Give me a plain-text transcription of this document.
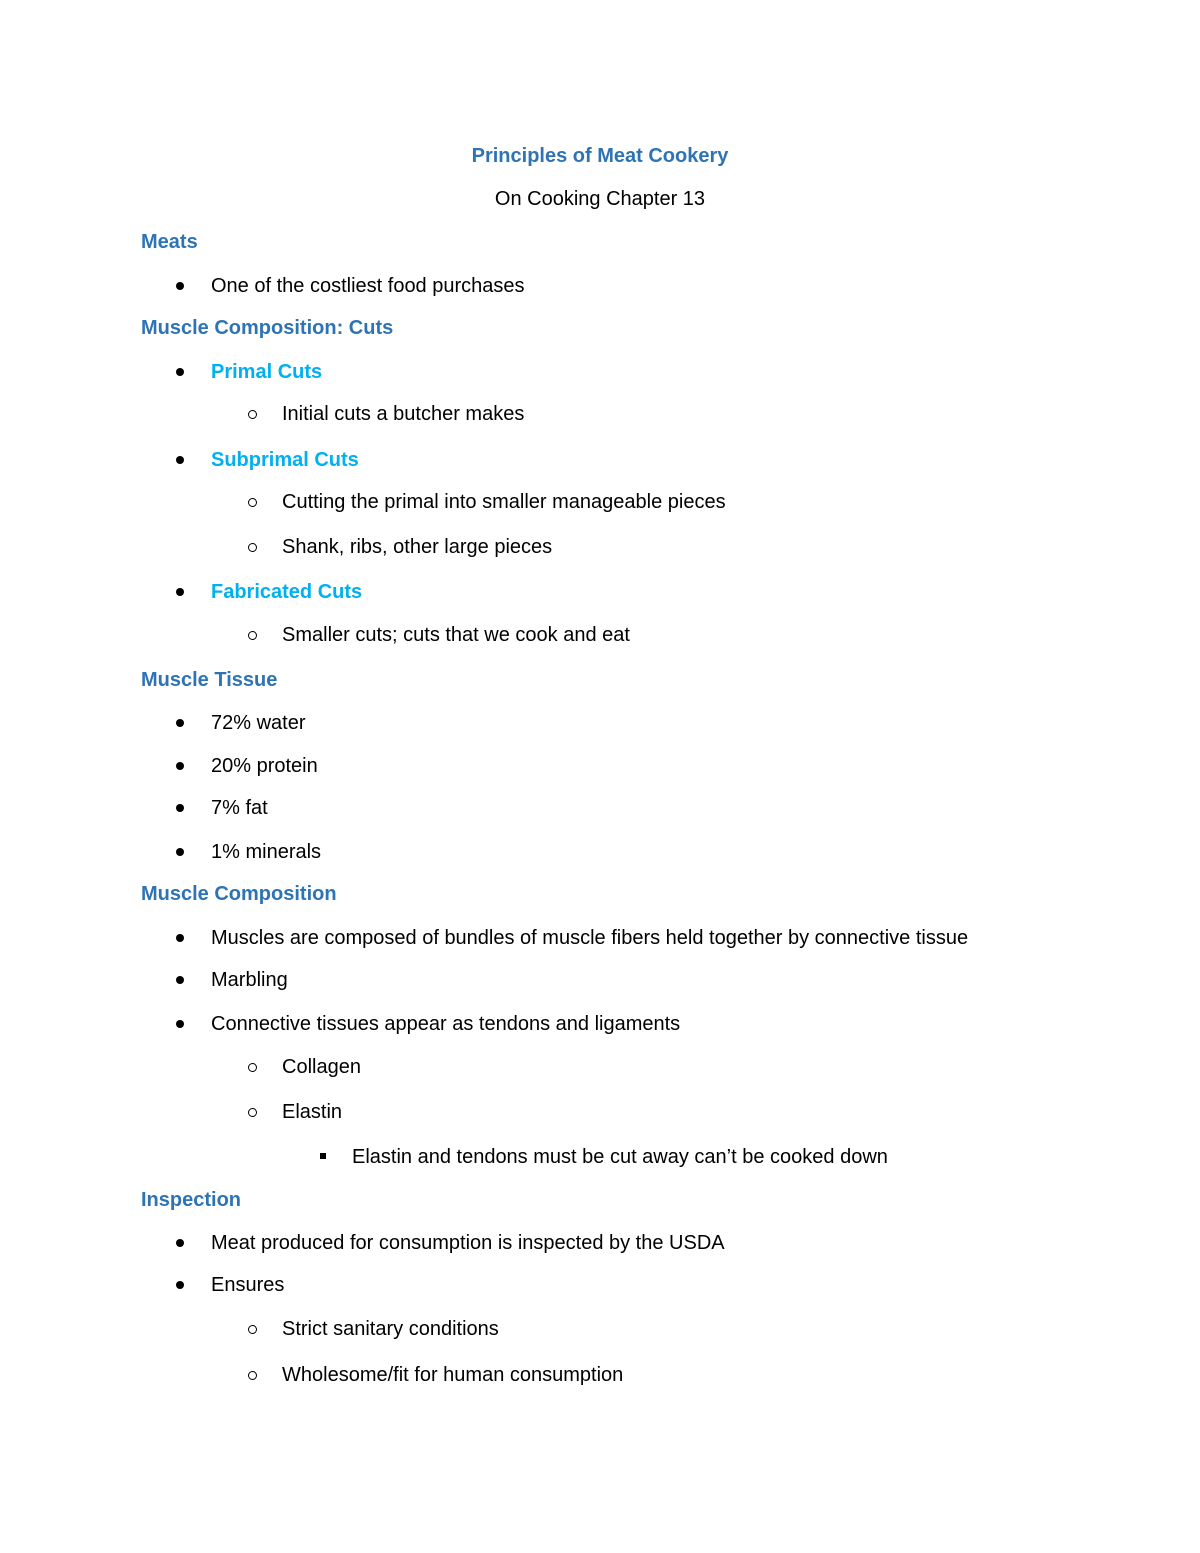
Principles of Meat Cookery
On Cooking Chapter 13
Meats
One of the costliest food purchases
Muscle Composition: Cuts
Primal Cuts
Initial cuts a butcher makes
Subprimal Cuts
Cutting the primal into smaller manageable pieces
Shank, ribs, other large pieces
Fabricated Cuts
Smaller cuts; cuts that we cook and eat
Muscle Tissue
72% water
20% protein
7% fat
1% minerals
Muscle Composition
Muscles are composed of bundles of muscle fibers held together by connective tissue
Marbling
Connective tissues appear as tendons and ligaments
Collagen
Elastin
Elastin and tendons must be cut away can’t be cooked down
Inspection
Meat produced for consumption is inspected by the USDA
Ensures
Strict sanitary conditions
Wholesome/fit for human consumption
